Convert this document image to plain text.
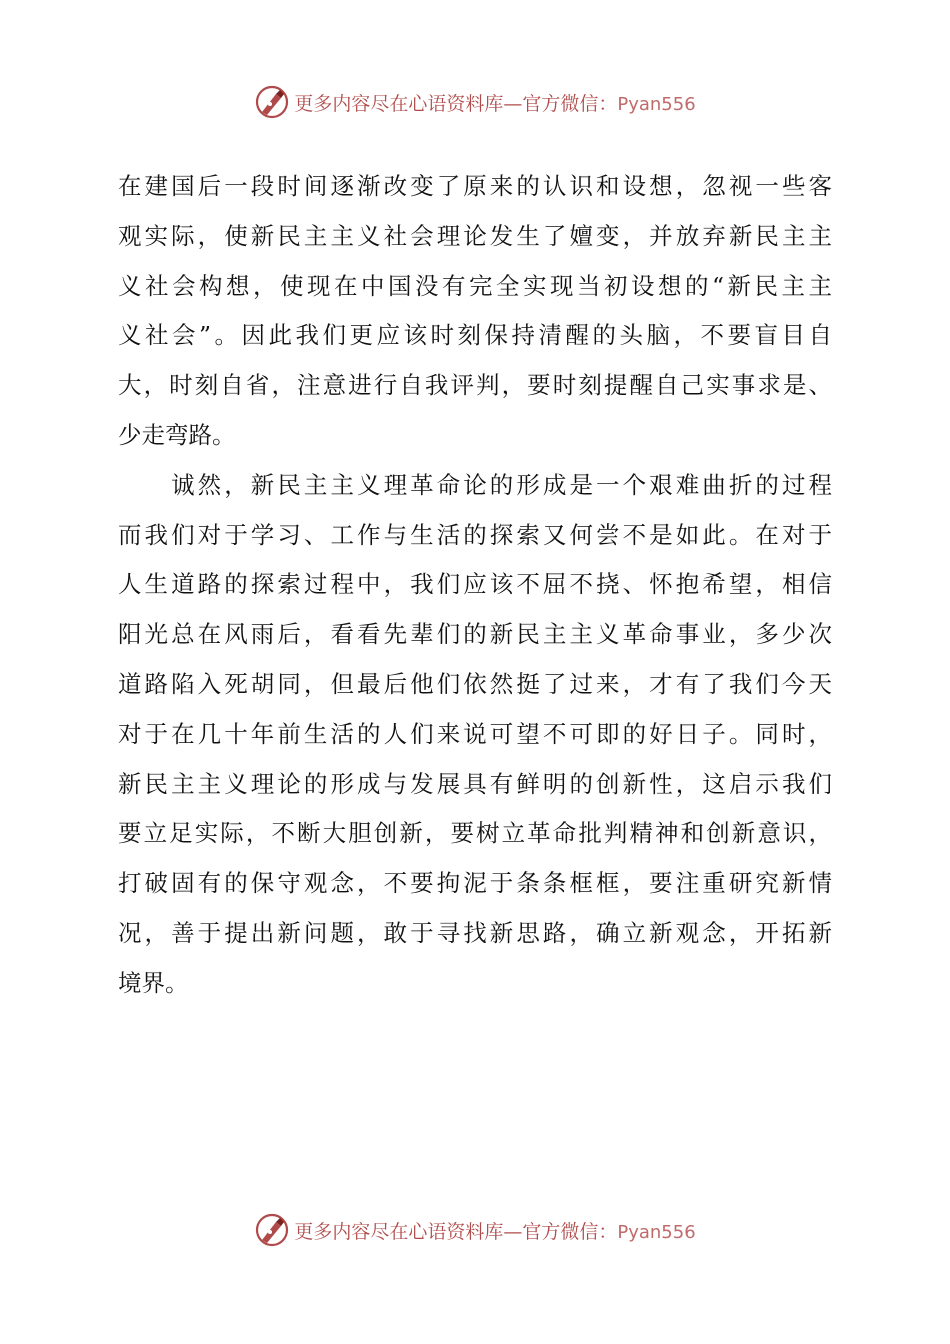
更多内容尽在心语资料库—官方微信：Pyan556
在建国后一段时间逐渐改变了原来的认识和设想，忽视一些客
观实际，使新民主主义社会理论发生了嬗变，并放弃新民主主
义社会构想，使现在中国没有完全实现当初设想的“新民主主
义社会”。因此我们更应该时刻保持清醒的头脑，不要盲目自
大，时刻自省，注意进行自我评判，要时刻提醒自己实事求是、
少走弯路。
　　诚然，新民主主义理革命论的形成是一个艰难曲折的过程
而我们对于学习、工作与生活的探索又何尝不是如此。在对于
人生道路的探索过程中，我们应该不屈不挠、怀抱希望，相信
阳光总在风雨后，看看先辈们的新民主主义革命事业，多少次
道路陷入死胡同，但最后他们依然挺了过来，才有了我们今天
对于在几十年前生活的人们来说可望不可即的好日子。同时，
新民主主义理论的形成与发展具有鲜明的创新性，这启示我们
要立足实际，不断大胆创新，要树立革命批判精神和创新意识，
打破固有的保守观念，不要拘泥于条条框框，要注重研究新情
况，善于提出新问题，敢于寻找新思路，确立新观念，开拓新
境界。
更多内容尽在心语资料库—官方微信：Pyan556
